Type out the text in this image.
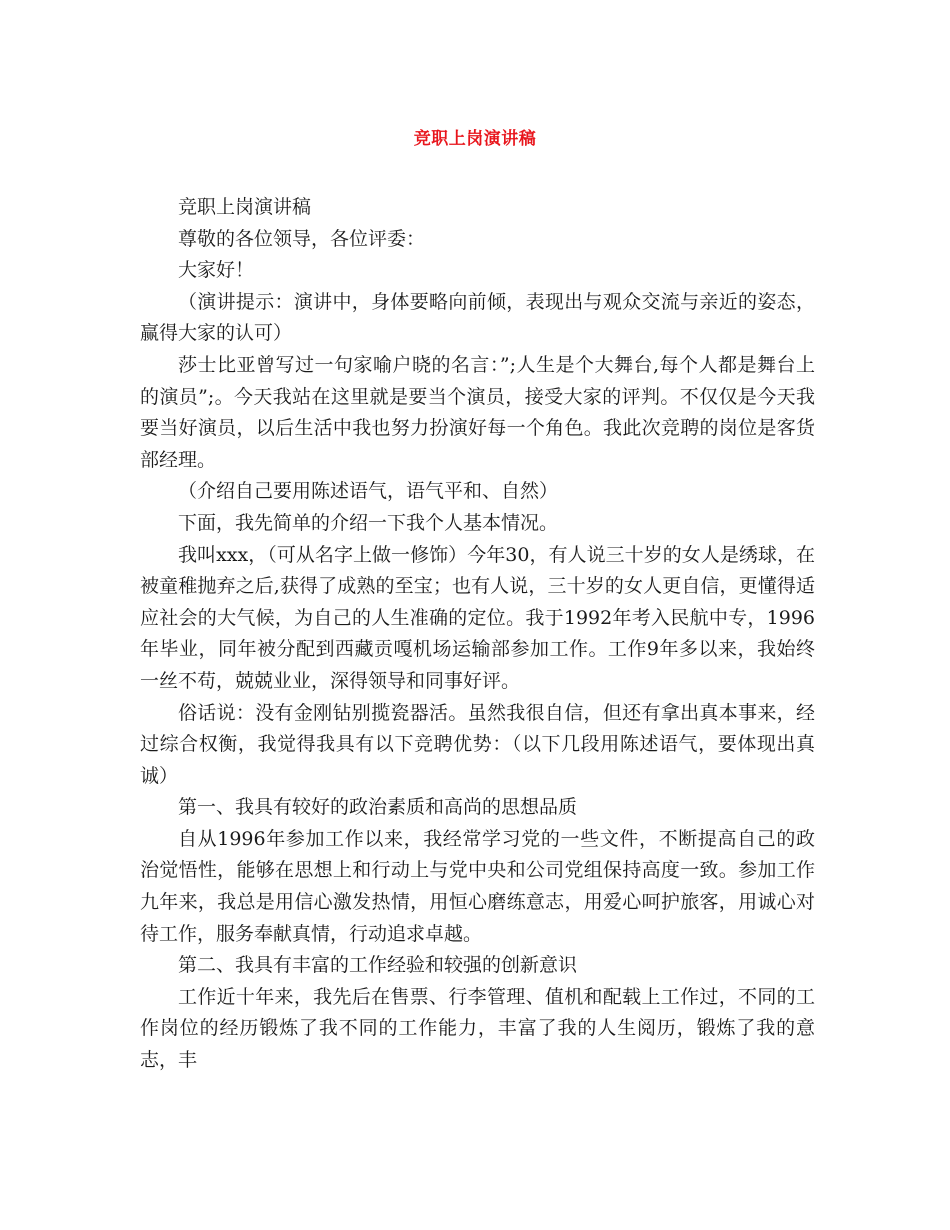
竞职上岗演讲稿

竞职上岗演讲稿

尊敬的各位领导，各位评委：

大家好！

（演讲提示：演讲中，身体要略向前倾，表现出与观众交流与亲近的姿态，赢得大家的认可）

莎士比亚曾写过一句家喻户晓的名言：”;人生是个大舞台,每个人都是舞台上的演员”;。今天我站在这里就是要当个演员，接受大家的评判。不仅仅是今天我要当好演员，以后生活中我也努力扮演好每一个角色。我此次竞聘的岗位是客货部经理。

（介绍自己要用陈述语气，语气平和、自然）

下面，我先简单的介绍一下我个人基本情况。

我叫xxx，（可从名字上做一修饰）今年30，有人说三十岁的女人是绣球，在被童稚抛弃之后,获得了成熟的至宝；也有人说，三十岁的女人更自信，更懂得适应社会的大气候，为自己的人生准确的定位。我于1992年考入民航中专，1996年毕业，同年被分配到西藏贡嘎机场运输部参加工作。工作9年多以来，我始终一丝不苟，兢兢业业，深得领导和同事好评。

俗话说：没有金刚钻别揽瓷器活。虽然我很自信，但还有拿出真本事来，经过综合权衡，我觉得我具有以下竞聘优势：（以下几段用陈述语气，要体现出真诚）

第一、我具有较好的政治素质和高尚的思想品质

自从1996年参加工作以来，我经常学习党的一些文件，不断提高自己的政治觉悟性，能够在思想上和行动上与党中央和公司党组保持高度一致。参加工作九年来，我总是用信心激发热情，用恒心磨练意志，用爱心呵护旅客，用诚心对待工作，服务奉献真情，行动追求卓越。

第二、我具有丰富的工作经验和较强的创新意识

工作近十年来，我先后在售票、行李管理、值机和配载上工作过，不同的工作岗位的经历锻炼了我不同的工作能力，丰富了我的人生阅历，锻炼了我的意志，丰
